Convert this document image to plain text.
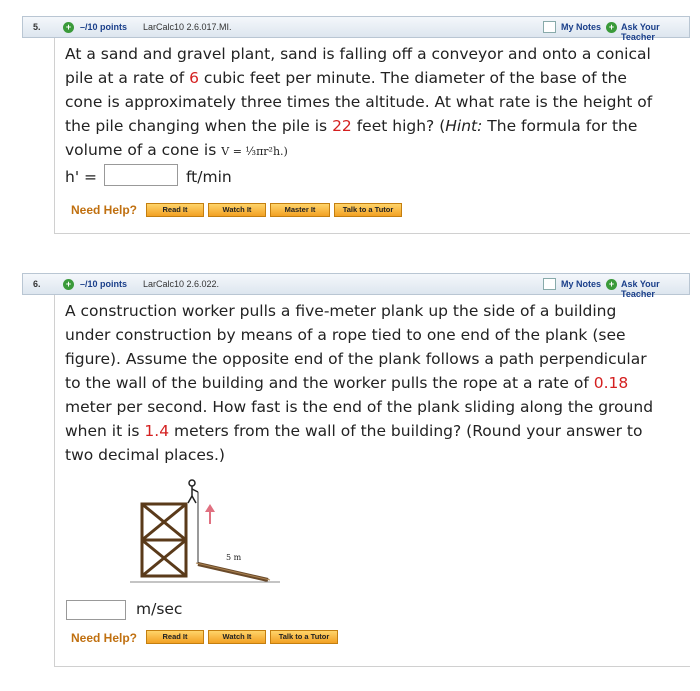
5.	+ –/10 points LarCalc10 2.6.017.MI.	My Notes + Ask Your Teacher
At a sand and gravel plant, sand is falling off a conveyor and onto a conical
pile at a rate of 6 cubic feet per minute. The diameter of the base of the
cone is approximately three times the altitude. At what rate is the height of
the pile changing when the pile is 22 feet high? (Hint: The formula for the
volume of a cone is V = ⅓πr²h.)
h' =	ft/min
Need Help?	Read It	Watch It	Master It	Talk to a Tutor
6.	+ –/10 points LarCalc10 2.6.022.	My Notes + Ask Your Teacher
A construction worker pulls a five-meter plank up the side of a building
under construction by means of a rope tied to one end of the plank (see
figure). Assume the opposite end of the plank follows a path perpendicular
to the wall of the building and the worker pulls the rope at a rate of 0.18
meter per second. How fast is the end of the plank sliding along the ground
when it is 1.4 meters from the wall of the building? (Round your answer to
two decimal places.)
5 m
m/sec
Need Help?	Read It	Watch It	Talk to a Tutor
